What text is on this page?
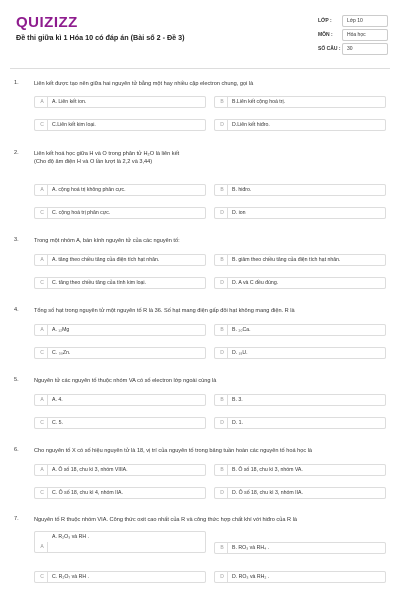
QUIZIZZ
Đề thi giữa kì 1 Hóa 10 có đáp án (Bài số 2 - Đề 3)
LỚP :	Lớp 10
MÔN :	Hóa học
SỐ CÂU :	30
1.	Liên kết được tạo nên giữa hai nguyên tử bằng một hay nhiều cặp electron chung, gọi là
A	A. Liên kết ion.	B	B.Liên kết cộng hoá trị.
C	C.Liên kết kim loại.	D	D.Liên kết hiđro.
2.	Liên kết hoá học giữa H và O trong phân tử H₂O là liên kết
(Cho độ âm điện H và O lần lượt là 2,2 và 3,44)
A	A. cộng hoá trị không phân cực.	B	B. hiđro.
C	C. cộng hoá trị phân cực.	D	D. ion
3.	Trong một nhóm A, bán kính nguyên tử của các nguyên tố:
A	A. tăng theo chiều tăng của điện tích hạt nhân.	B	B. giảm theo chiều tăng của điện tích hạt nhân.
C	C. tăng theo chiều tăng của tính kim loại.	D	D. A và C đều đúng.
4.	Tổng số hạt trong nguyên tử một nguyên tố R là 36. Số hạt mang điện gấp đôi hạt không mang điện. R là
A	A. ₁₂Mg	B	B. ₂₀Ca.
C	C. ₃₀Zn.	D	D. ₁₉U.
5.	Nguyên tử các nguyên tố thuộc nhóm VA có số electron lớp ngoài cùng là
A	A. 4.	B	B. 3.
C	C. 5.	D	D. 1.
6.	Cho nguyên tố X có số hiệu nguyên tử là 18, vị trí của nguyên tố trong bảng tuần hoàn các nguyên tố hoá học là
A	A. Ô số 18, chu kì 3, nhóm VIIIA.	B	B. Ô số 18, chu kì 3, nhóm VA.
C	C. Ô số 18, chu kì 4, nhóm IIA.	D	D. Ô số 18, chu kì 3, nhóm IIA.
7.	Nguyên tố R thuộc nhóm VIA. Công thức oxit cao nhất của R và công thức hợp chất khí với hiđro của R là
A
A. R₂O₃ và RH .
B	B. RO₃ và RH₄ .
C	C. R₂O₇ và RH .	D	D. RO₃ và RH₂ .
